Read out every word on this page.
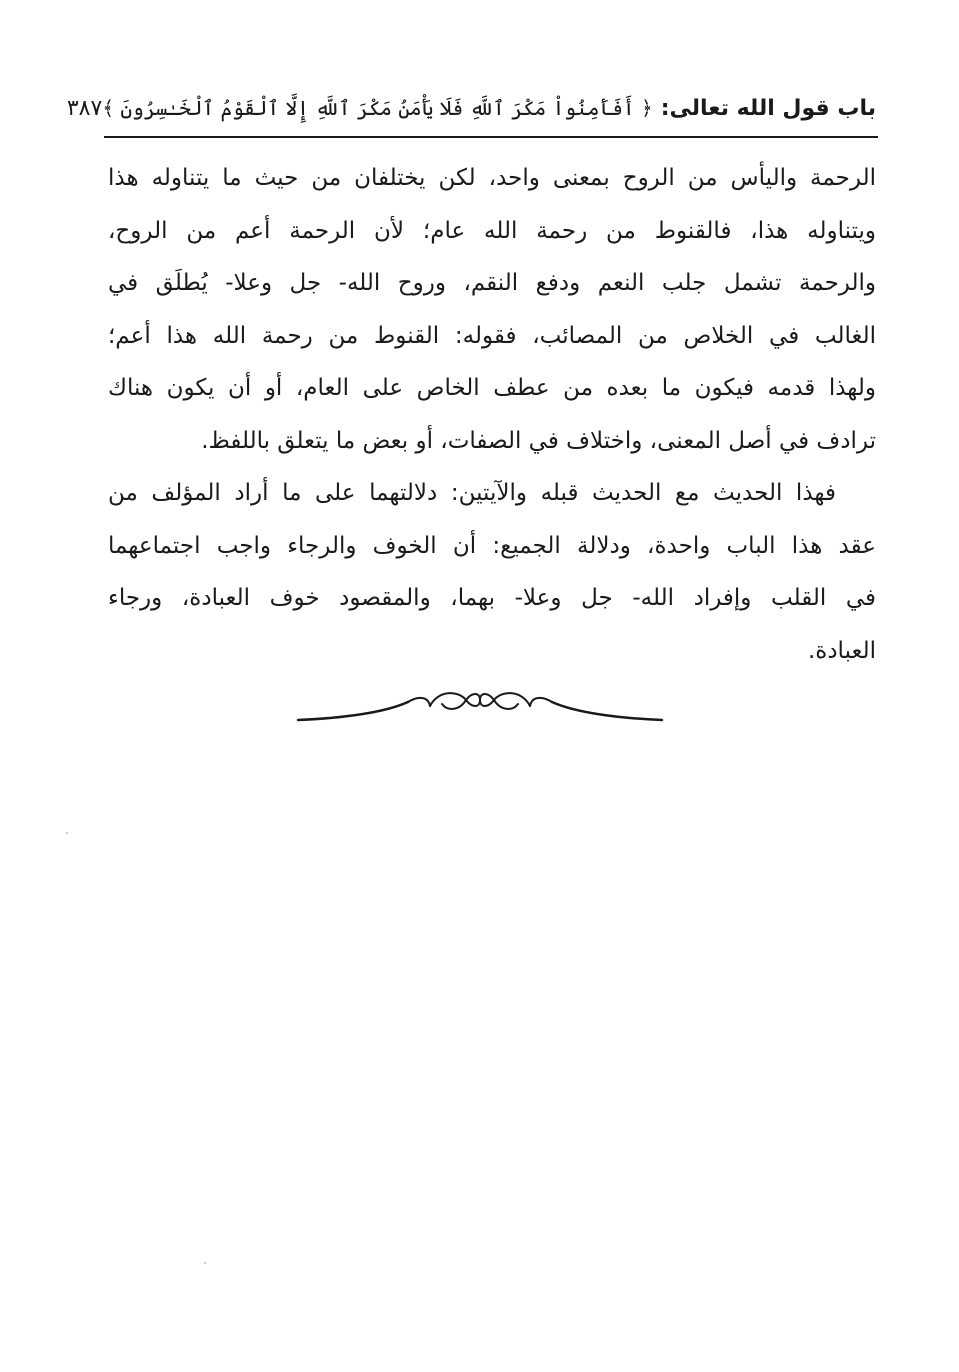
باب قول الله تعالى:
﴿ أَفَأَمِنُواْ مَكْرَ ٱللَّهِ فَلَا يَأْمَنُ مَكْرَ ٱللَّهِ إِلَّا ٱلْقَوْمُ ٱلْخَـٰسِرُونَ ﴾
٣٨٧
الرحمة واليأس من الروح بمعنى واحد، لكن يختلفان من حيث ما يتناوله هذا
ويتناوله هذا، فالقنوط من رحمة الله عام؛ لأن الرحمة أعم من الروح،
والرحمة تشمل جلب النعم ودفع النقم، وروح الله- جل وعلا- يُطلَق في
الغالب في الخلاص من المصائب، فقوله: القنوط من رحمة الله هذا أعم؛
ولهذا قدمه فيكون ما بعده من عطف الخاص على العام، أو أن يكون هناك
ترادف في أصل المعنى، واختلاف في الصفات، أو بعض ما يتعلق باللفظ.
فهذا الحديث مع الحديث قبله والآيتين: دلالتهما على ما أراد المؤلف من
عقد هذا الباب واحدة، ودلالة الجميع: أن الخوف والرجاء واجب اجتماعهما
في القلب وإفراد الله- جل وعلا- بهما، والمقصود خوف العبادة، ورجاء
العبادة.
